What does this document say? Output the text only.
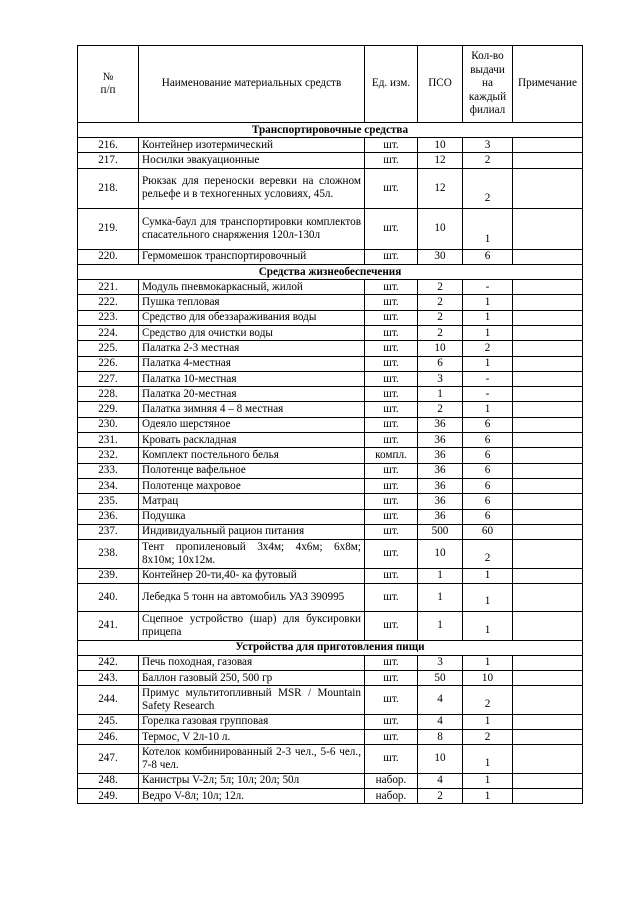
№
п/п	Наименование материальных средств	Ед. изм.	ПСО	Кол-во выдачи на каждый филиал	Примечание
Транспортировочные средства					
216.	Контейнер изотермический	шт.	10	3	
217.	Носилки эвакуационные	шт.	12	2	
218.	Рюкзак для переноски веревки на сложном рельефе и в техногенных условиях, 45л.	шт.	12	2	
219.	Сумка-баул для транспортировки комплектов спасательного снаряжения 120л-130л	шт.	10	1	
220.	Гермомешок транспортировочный	шт.	30	6	
Средства жизнеобеспечения					
221.	Модуль пневмокаркасный, жилой	шт.	2	-	
222.	Пушка тепловая	шт.	2	1	
223.	Средство для обеззараживания воды	шт.	2	1	
224.	Средство для очистки воды	шт.	2	1	
225.	Палатка 2-3 местная	шт.	10	2	
226.	Палатка 4-местная	шт.	6	1	
227.	Палатка 10-местная	шт.	3	-	
228.	Палатка 20-местная	шт.	1	-	
229.	Палатка зимняя 4 – 8 местная	шт.	2	1	
230.	Одеяло шерстяное	шт.	36	6	
231.	Кровать раскладная	шт.	36	6	
232.	Комплект постельного белья	компл.	36	6	
233.	Полотенце вафельное	шт.	36	6	
234.	Полотенце махровое	шт.	36	6	
235.	Матрац	шт.	36	6	
236.	Подушка	шт.	36	6	
237.	Индивидуальный рацион питания	шт.	500	60	
238.	Тент пропиленовый 3х4м; 4х6м; 6х8м; 8х10м; 10х12м.	шт.	10	2	
239.	Контейнер 20-ти,40- ка футовый	шт.	1	1	
240.	Лебедка 5 тонн на автомобиль УАЗ 390995	шт.	1	1	
241.	Сцепное устройство (шар) для буксировки прицепа	шт.	1	1	
Устройства для приготовления пищи					
242.	Печь походная, газовая	шт.	3	1	
243.	Баллон газовый 250, 500 гр	шт.	50	10	
244.	Примус мультитопливный MSR / Mountain Safety Research	шт.	4	2	
245.	Горелка газовая групповая	шт.	4	1	
246.	Термос, V 2л-10 л.	шт.	8	2	
247.	Котелок комбинированный 2-3 чел., 5-6 чел., 7-8 чел.	шт.	10	1	
248.	Канистры V-2л; 5л; 10л; 20л; 50л	набор.	4	1	
249.	Ведро V-8л; 10л; 12л.	набор.	2	1	
